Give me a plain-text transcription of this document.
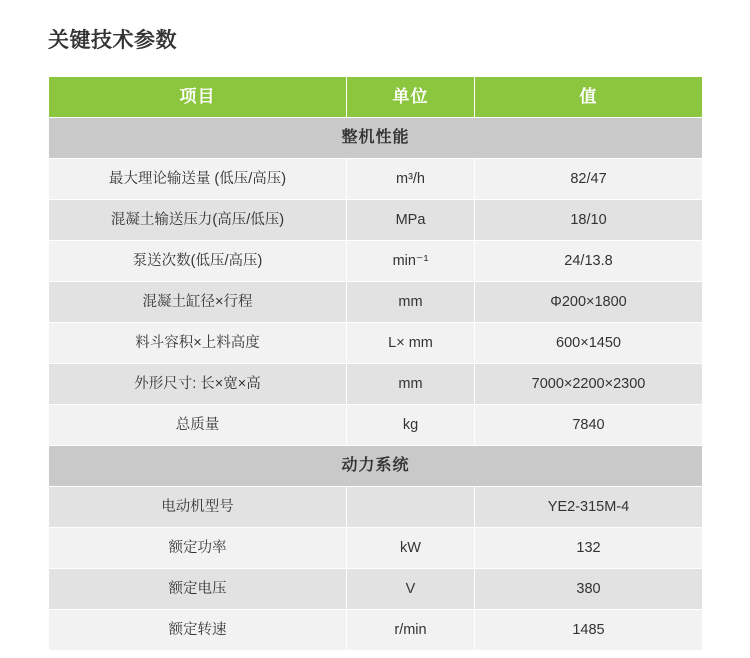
关键技术参数
项目	单位	值
整机性能		
最大理论输送量 (低压/高压)	m³/h	82/47
混凝土输送压力(高压/低压)	MPa	18/10
泵送次数(低压/高压)	min⁻¹	24/13.8
混凝土缸径×行程	mm	Φ200×1800
料斗容积×上料高度	L× mm	600×1450
外形尺寸: 长×宽×高	mm	7000×2200×2300
总质量	kg	7840
动力系统		
电动机型号		YE2-315M-4
额定功率	kW	132
额定电压	V	380
额定转速	r/min	1485
